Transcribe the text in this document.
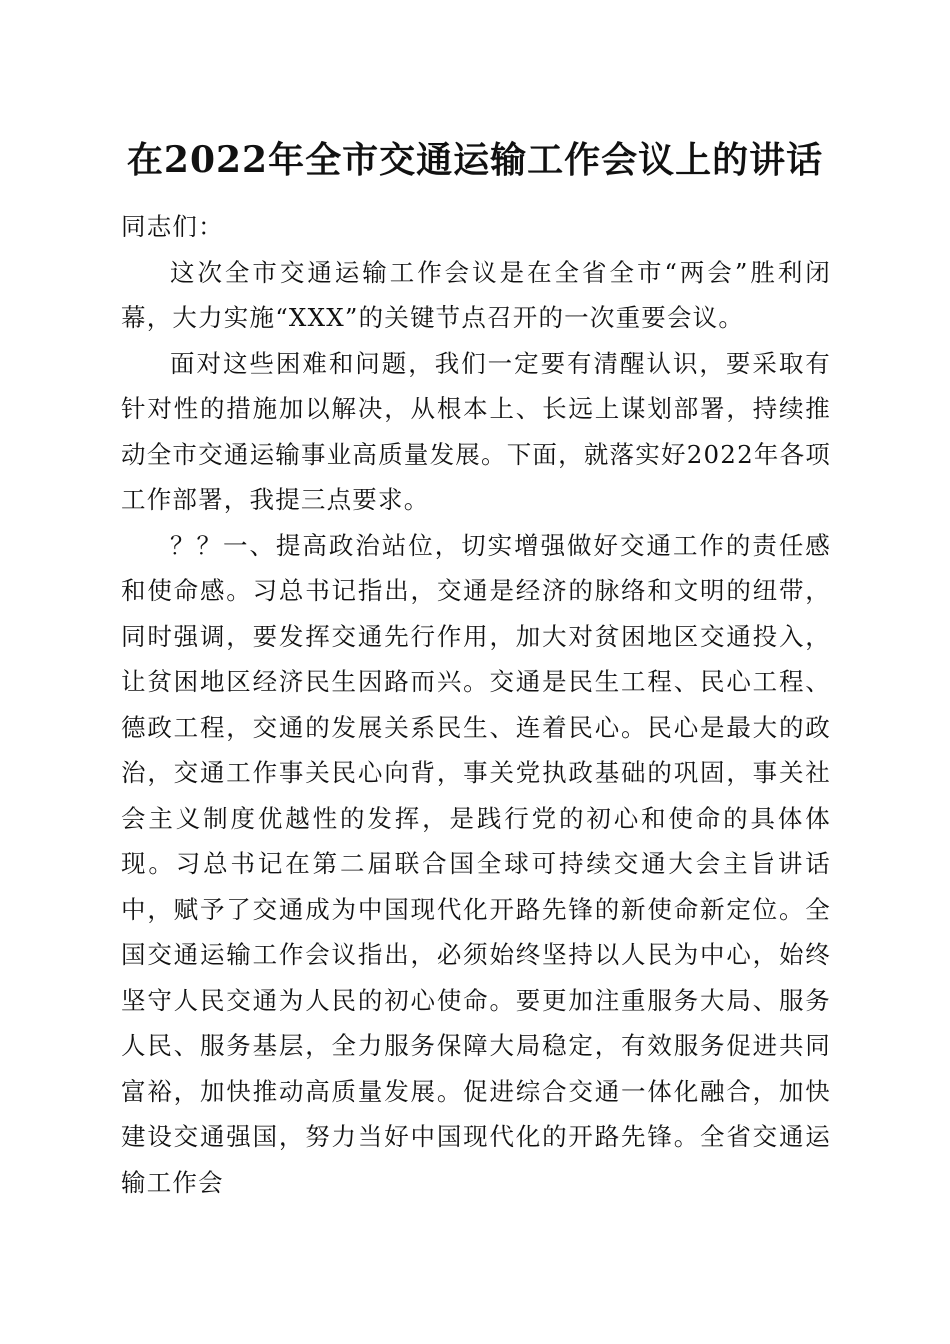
在2022年全市交通运输工作会议上的讲话

同志们：

这次全市交通运输工作会议是在全省全市“两会”胜利闭幕，大力实施“XXX”的关键节点召开的一次重要会议。

面对这些困难和问题，我们一定要有清醒认识，要采取有针对性的措施加以解决，从根本上、长远上谋划部署，持续推动全市交通运输事业高质量发展。下面，就落实好2022年各项工作部署，我提三点要求。

？？一、提高政治站位，切实增强做好交通工作的责任感和使命感。习总书记指出，交通是经济的脉络和文明的纽带，同时强调，要发挥交通先行作用，加大对贫困地区交通投入，让贫困地区经济民生因路而兴。交通是民生工程、民心工程、德政工程，交通的发展关系民生、连着民心。民心是最大的政治，交通工作事关民心向背，事关党执政基础的巩固，事关社会主义制度优越性的发挥，是践行党的初心和使命的具体体现。习总书记在第二届联合国全球可持续交通大会主旨讲话中，赋予了交通成为中国现代化开路先锋的新使命新定位。全国交通运输工作会议指出，必须始终坚持以人民为中心，始终坚守人民交通为人民的初心使命。要更加注重服务大局、服务人民、服务基层，全力服务保障大局稳定，有效服务促进共同富裕，加快推动高质量发展。促进综合交通一体化融合，加快建设交通强国，努力当好中国现代化的开路先锋。全省交通运输工作会
